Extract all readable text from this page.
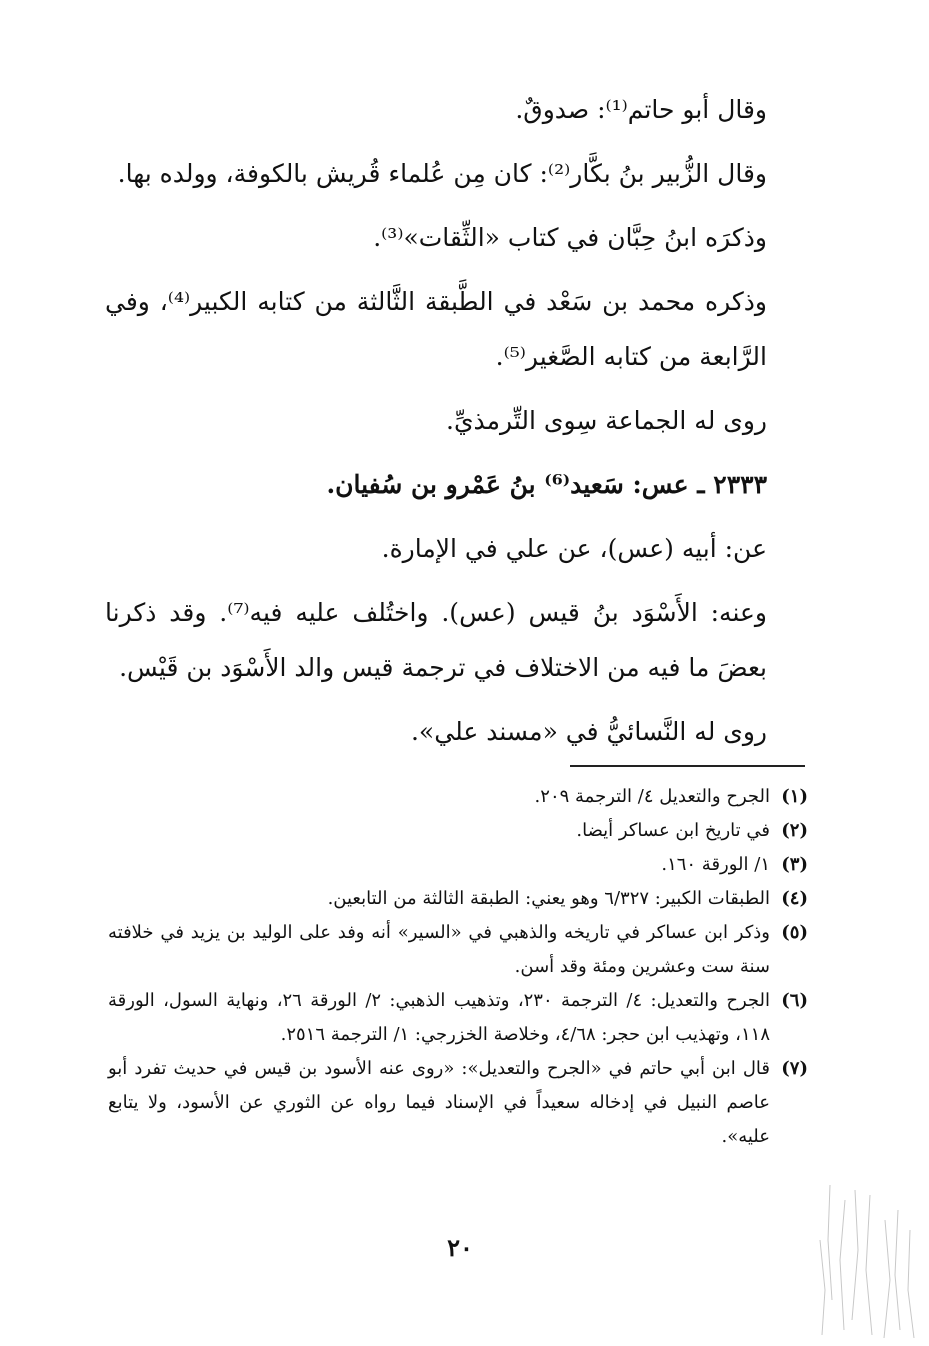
وقال أبو حاتم⁽¹⁾: صدوقٌ.

وقال الزُّبير بنُ بكَّار⁽²⁾: كان مِن عُلماء قُريش بالكوفة، وولده بها.

وذكرَه ابنُ حِبَّان في كتاب «الثِّقات»⁽³⁾.

وذكره محمد بن سَعْد في الطَّبقة الثَّالثة من كتابه الكبير⁽⁴⁾، وفي الرَّابعة من كتابه الصَّغير⁽⁵⁾.

روى له الجماعة سِوى التِّرمذيِّ.

٢٣٣٣ ـ عس: سَعيد⁽⁶⁾ بنُ عَمْرو بن سُفيان.

عن: أبيه (عس)، عن علي في الإمارة.

وعنه: الأَسْوَد بنُ قيس (عس). واختُلف عليه فيه⁽⁷⁾. وقد ذكرنا بعضَ ما فيه من الاختلاف في ترجمة قيس والد الأَسْوَد بن قَيْس.

روى له النَّسائيُّ في «مسند علي».

(١)
الجرح والتعديل ٤/ الترجمة ٢٠٩.
(٢)
في تاريخ ابن عساكر أيضا.
(٣)
١/ الورقة ١٦٠.
(٤)
الطبقات الكبير: ٦/٣٢٧ وهو يعني: الطبقة الثالثة من التابعين.
(٥)
وذكر ابن عساكر في تاريخه والذهبي في «السير» أنه وفد على الوليد بن يزيد في خلافته سنة ست وعشرين ومئة وقد أسن.
(٦)
الجرح والتعديل: ٤/ الترجمة ٢٣٠، وتذهيب الذهبي: ٢/ الورقة ٢٦، ونهاية السول، الورقة ١١٨، وتهذيب ابن حجر: ٤/٦٨، وخلاصة الخزرجي: ١/ الترجمة ٢٥١٦.
(٧)
قال ابن أبي حاتم في «الجرح والتعديل»: «روى عنه الأسود بن قيس في حديث تفرد أبو عاصم النبيل في إدخاله سعيداً في الإسناد فيما رواه عن الثوري عن الأسود، ولا يتابع عليه».
٢٠
